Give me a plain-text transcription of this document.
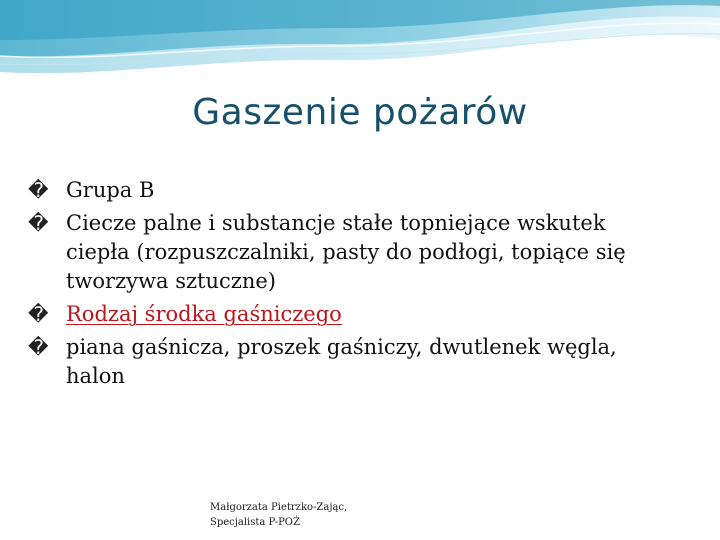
Gaszenie pożarów
� Grupa B
� Ciecze palne i substancje stałe topniejące wskutek ciepła (rozpuszczalniki, pasty do podłogi, topiące się tworzywa sztuczne)
� Rodzaj środka gaśniczego
� piana gaśnicza, proszek gaśniczy, dwutlenek węgla, halon
Małgorzata Pietrzko-Zając,
Specjalista P-POŻ
